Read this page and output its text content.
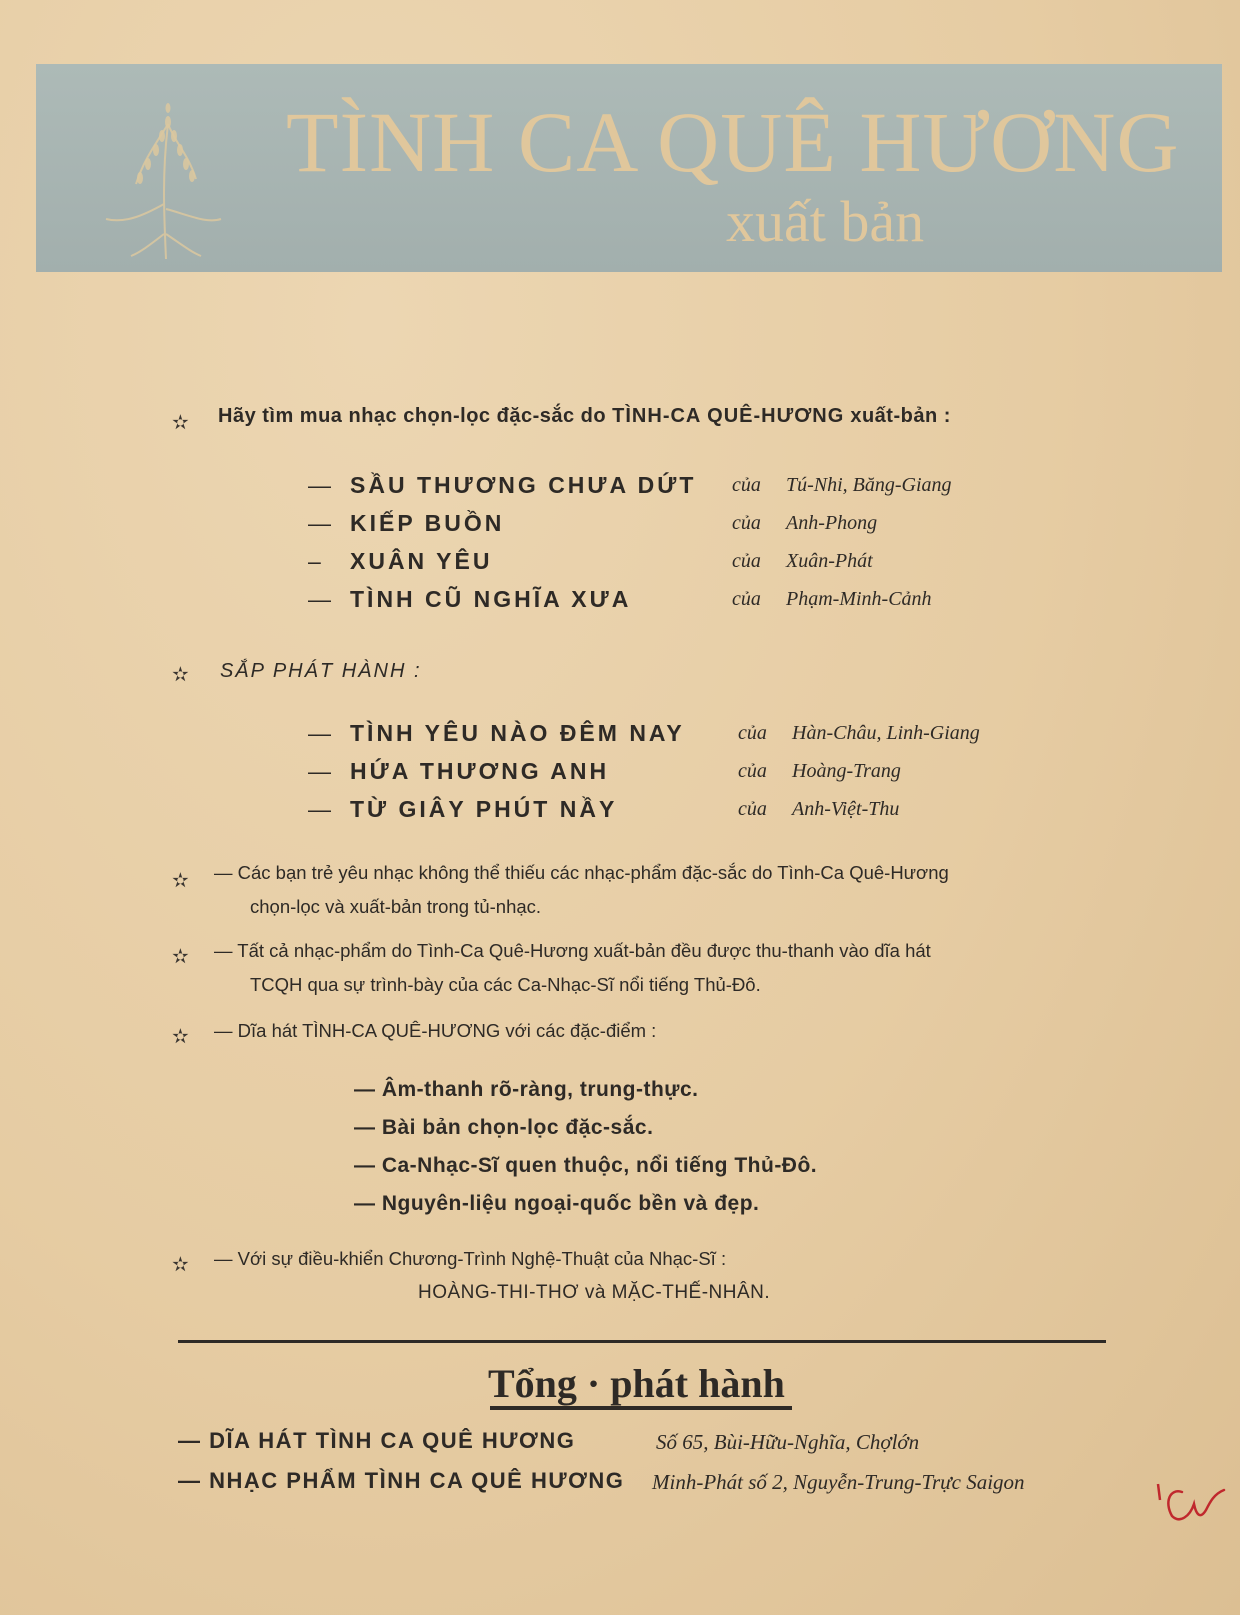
TÌNH CA QUÊ HƯƠNG
xuất bản
✫ Hãy tìm mua nhạc chọn-lọc đặc-sắc do TÌNH-CA QUÊ-HƯƠNG xuất-bản :
— SẦU THƯƠNG CHƯA DỨT của Tú-Nhi, Băng-Giang
— KIẾP BUỒN	của Anh-Phong
– XUÂN YÊU	của Xuân-Phát
— TÌNH CŨ NGHĨA XƯA	của Phạm-Minh-Cảnh
✫ SẮP PHÁT HÀNH :
— TÌNH YÊU NÀO ĐÊM NAY	của Hàn-Châu, Linh-Giang
— HỨA THƯƠNG ANH	của Hoàng-Trang
— TỪ GIÂY PHÚT NẦY	của Anh-Việt-Thu
✫ — Các bạn trẻ yêu nhạc không thể thiếu các nhạc-phẩm đặc-sắc do Tình-Ca Quê-Hương
chọn-lọc và xuất-bản trong tủ-nhạc.
✫ — Tất cả nhạc-phẩm do Tình-Ca Quê-Hương xuất-bản đều được thu-thanh vào dĩa hát
TCQH qua sự trình-bày của các Ca-Nhạc-Sĩ nổi tiếng Thủ-Đô.
✫ — Dĩa hát TÌNH-CA QUÊ-HƯƠNG với các đặc-điểm :
— Âm-thanh rõ-ràng, trung-thực.
— Bài bản chọn-lọc đặc-sắc.
— Ca-Nhạc-Sĩ quen thuộc, nổi tiếng Thủ-Đô.
— Nguyên-liệu ngoại-quốc bền và đẹp.
✫ — Với sự điều-khiển Chương-Trình Nghệ-Thuật của Nhạc-Sĩ :
HOÀNG-THI-THƠ và MẶC-THẾ-NHÂN.
Tổng · phát hành
— DĨA HÁT TÌNH CA QUÊ HƯƠNG	Số 65, Bùi-Hữu-Nghĩa, Chợlớn
— NHẠC PHẨM TÌNH CA QUÊ HƯƠNG Minh-Phát số 2, Nguyễn-Trung-Trực Saigon
